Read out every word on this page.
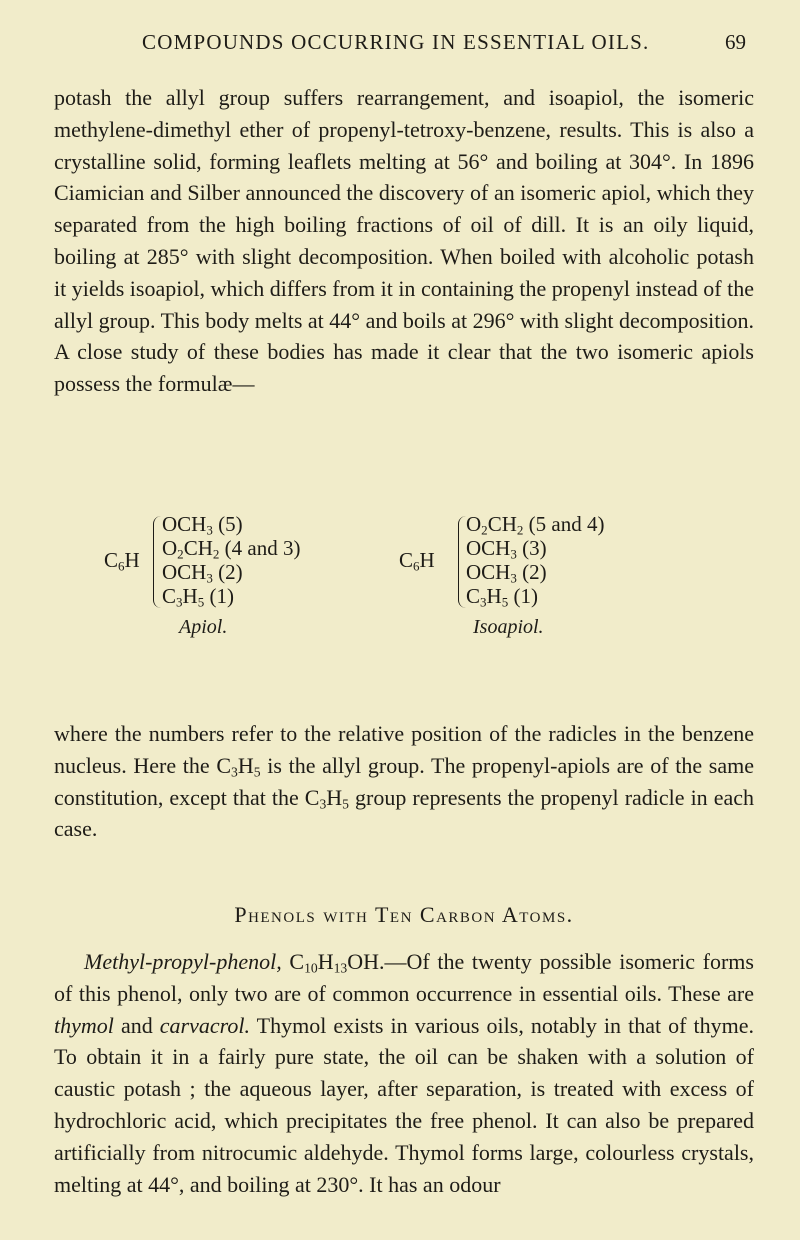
COMPOUNDS OCCURRING IN ESSENTIAL OILS.	69

potash the allyl group suffers rearrangement, and isoapiol, the isomeric methylene-dimethyl ether of propenyl-tetroxy-benzene, results. This is also a crystalline solid, forming leaflets melting at 56° and boiling at 304°. In 1896 Ciamician and Silber announced the discovery of an isomeric apiol, which they separated from the high boiling fractions of oil of dill. It is an oily liquid, boiling at 285° with slight decomposition. When boiled with alcoholic potash it yields isoapiol, which differs from it in containing the propenyl instead of the allyl group. This body melts at 44° and boils at 296° with slight decomposition. A close study of these bodies has made it clear that the two isomeric apiols possess the formulæ—

$C_6H$
$OCH_3$ (5)
$O_2CH_2$ (4 and 3)
$OCH_3$ (2)
$C_3H_5$ (1)
Apiol.
$C_6H$
$O_2CH_2$ (5 and 4)
$OCH_3$ (3)
$OCH_3$ (2)
$C_3H_5$ (1)
Isoapiol.

where the numbers refer to the relative position of the radicles in the benzene nucleus. Here the $C_3H_5$ is the allyl group. The propenyl-apiols are of the same constitution, except that the $C_3H_5$ group represents the propenyl radicle in each case.

Phenols with Ten Carbon Atoms.

Methyl-propyl-phenol, $C_{10}H_{13}OH.—Of$ the twenty possible isomeric forms of this phenol, only two are of common occurrence in essential oils. These are thymol and carvacrol. Thymol exists in various oils, notably in that of thyme. To obtain it in a fairly pure state, the oil can be shaken with a solution of caustic potash ; the aqueous layer, after separation, is treated with excess of hydrochloric acid, which precipitates the free phenol. It can also be prepared artificially from nitrocumic aldehyde. Thymol forms large, colourless crystals, melting at 44°, and boiling at 230°. It has an odour
